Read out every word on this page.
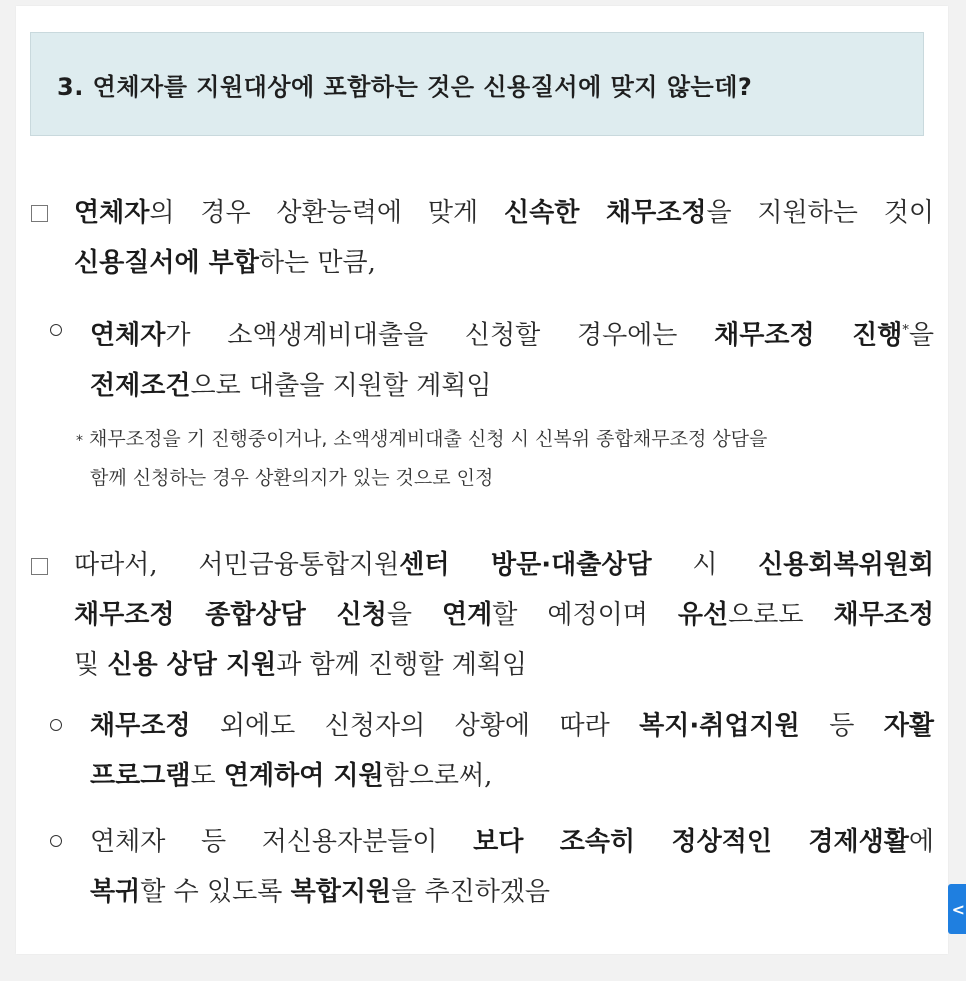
3. 연체자를 지원대상에 포함하는 것은 신용질서에 맞지 않는데?
연체자의 경우 상환능력에 맞게 신속한 채무조정을 지원하는 것이
신용질서에 부합하는 만큼,
연체자가 소액생계비대출을 신청할 경우에는 채무조정 진행*을
전제조건으로 대출을 지원할 계획임
* 채무조정을 기 진행중이거나, 소액생계비대출 신청 시 신복위 종합채무조정 상담을
함께 신청하는 경우 상환의지가 있는 것으로 인정
따라서, 서민금융통합지원센터 방문·대출상담 시 신용회복위원회
채무조정 종합상담 신청을 연계할 예정이며 유선으로도 채무조정
및 신용 상담 지원과 함께 진행할 계획임
채무조정 외에도 신청자의 상황에 따라 복지·취업지원 등 자활
프로그램도 연계하여 지원함으로써,
연체자 등 저신용자분들이 보다 조속히 정상적인 경제생활에
복귀할 수 있도록 복합지원을 추진하겠음
<
